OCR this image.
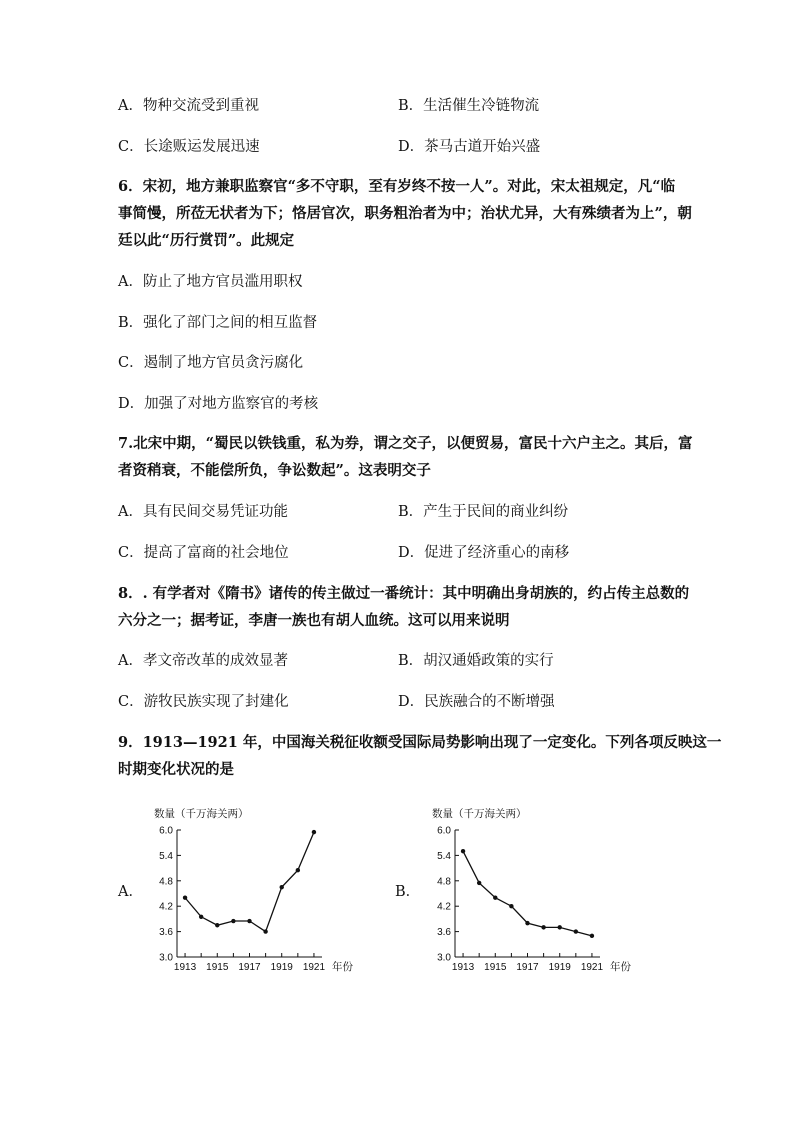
A．物种交流受到重视	B．生活催生冷链物流
C．长途贩运发展迅速	D．茶马古道开始兴盛
6．宋初，地方兼职监察官“多不守职，至有岁终不按一人”。对此，宋太祖规定，凡“临
事简慢，所莅无状者为下；恪居官次，职务粗治者为中；治状尤异，大有殊绩者为上”，朝
廷以此“历行赏罚”。此规定
A．防止了地方官员滥用职权
B．强化了部门之间的相互监督
C．遏制了地方官员贪污腐化
D．加强了对地方监察官的考核
7.北宋中期，“蜀民以铁钱重，私为券，谓之交子，以便贸易，富民十六户主之。其后，富
者资稍衰，不能偿所负，争讼数起”。这表明交子
A．具有民间交易凭证功能	B．产生于民间的商业纠纷
C．提高了富商的社会地位	D．促进了经济重心的南移
8．. 有学者对《隋书》诸传的传主做过一番统计：其中明确出身胡族的，约占传主总数的
六分之一；据考证，李唐一族也有胡人血统。这可以用来说明
A．孝文帝改革的成效显著	B．胡汉通婚政策的实行
C．游牧民族实现了封建化	D．民族融合的不断增强
9．1913—1921 年，中国海关税征收额受国际局势影响出现了一定变化。下列各项反映这一
时期变化状况的是
A．	B．
数量（千万海关两）
3.0
3.6
4.2
4.8
5.4
6.0
1913 1915 1917 1919 1921 年份
数量（千万海关两）
3.0
3.6
4.2
4.8
5.4
6.0
1913 1915 1917 1919 1921 年份
